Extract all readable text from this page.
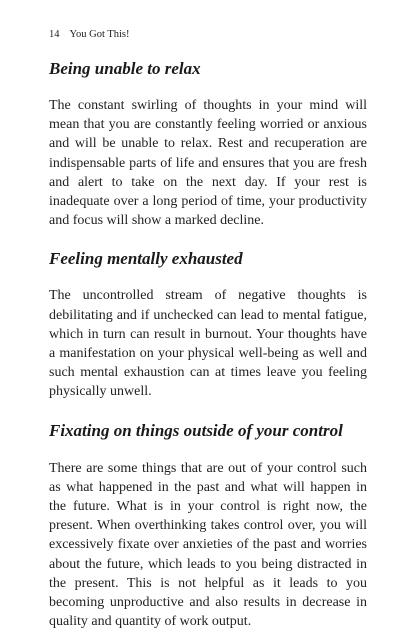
14 You Got This!
Being unable to relax

The constant swirling of thoughts in your mind will mean that you are constantly feeling worried or anxious and will be unable to relax. Rest and recuperation are indispensable parts of life and ensures that you are fresh and alert to take on the next day. If your rest is inadequate over a long period of time, your productivity and focus will show a marked decline.

Feeling mentally exhausted

The uncontrolled stream of negative thoughts is debilitating and if unchecked can lead to mental fatigue, which in turn can result in burnout. Your thoughts have a manifestation on your physical well-being as well and such mental exhaustion can at times leave you feeling physically unwell.

Fixating on things outside of your control

There are some things that are out of your control such as what happened in the past and what will happen in the future. What is in your control is right now, the present. When overthinking takes control over, you will excessively fixate over anxieties of the past and worries about the future, which leads to you being distracted in the present. This is not helpful as it leads to you becoming unproductive and also results in decrease in quality and quantity of work output.
